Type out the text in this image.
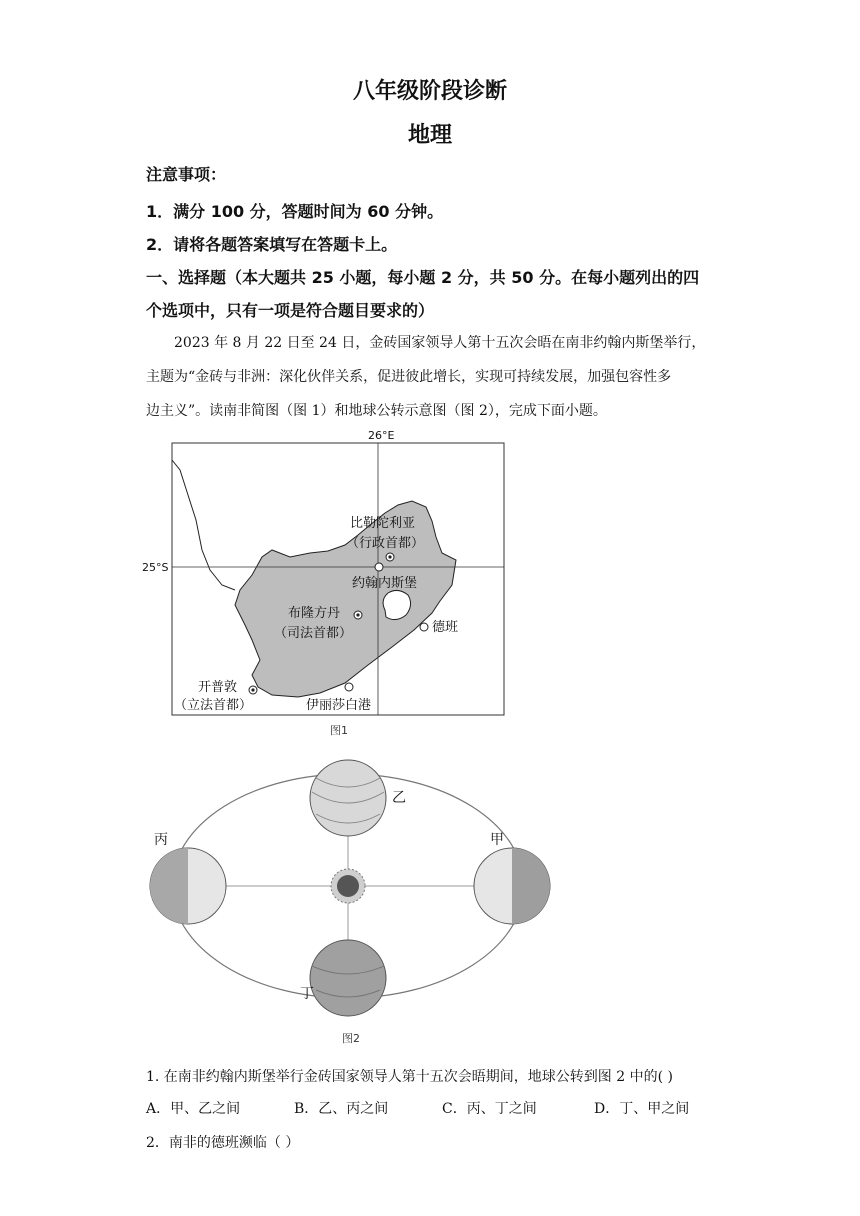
八年级阶段诊断
地理
注意事项：
1．满分 100 分，答题时间为 60 分钟。
2．请将各题答案填写在答题卡上。
一、选择题（本大题共 25 小题，每小题 2 分，共 50 分。在每小题列出的四
个选项中，只有一项是符合题目要求的）
2023 年 8 月 22 日至 24 日，金砖国家领导人第十五次会晤在南非约翰内斯堡举行，
主题为“金砖与非洲：深化伙伴关系，促进彼此增长，实现可持续发展，加强包容性多
边主义”。读南非简图（图 1）和地球公转示意图（图 2），完成下面小题。
26°E
25°S
比勒陀利亚
（行政首都）
约翰内斯堡
布隆方丹
（司法首都）	德班
开普敦
（立法首都）	伊丽莎白港
图1
甲
乙
丙
丁
图2
1. 在南非约翰内斯堡举行金砖国家领导人第十五次会晤期间，地球公转到图 2 中的( )
A．甲、乙之间	B．乙、丙之间	C．丙、丁之间	D．丁、甲之间
2．南非的德班濒临（ ）
